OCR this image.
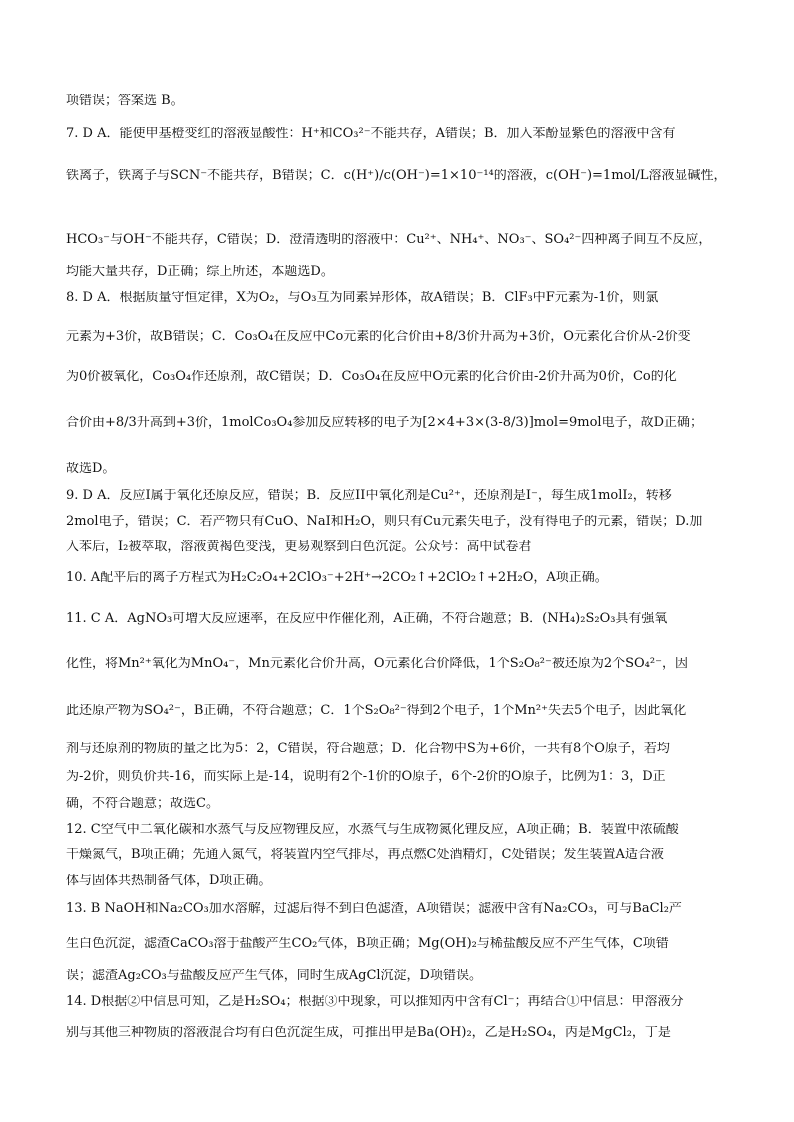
项错误；答案选 B。
7. D A．能使甲基橙变红的溶液显酸性：H⁺和CO₃²⁻不能共存，A错误；B．加入苯酚显紫色的溶液中含有
铁离子，铁离子与SCN⁻不能共存，B错误；C．c(H⁺)/c(OH⁻)=1×10⁻¹⁴的溶液，c(OH⁻)=1mol/L溶液显碱性，
HCO₃⁻与OH⁻不能共存，C错误；D．澄清透明的溶液中：Cu²⁺、NH₄⁺、NO₃⁻、SO₄²⁻四种离子间互不反应，
均能大量共存，D正确；综上所述，本题选D。
8. D A．根据质量守恒定律，X为O₂，与O₃互为同素异形体，故A错误；B．ClF₃中F元素为-1价，则氯
元素为+3价，故B错误；C．Co₃O₄在反应中Co元素的化合价由+8/3价升高为+3价，O元素化合价从-2价变
为0价被氧化，Co₃O₄作还原剂，故C错误；D．Co₃O₄在反应中O元素的化合价由-2价升高为0价，Co的化
合价由+8/3升高到+3价，1molCo₃O₄参加反应转移的电子为[2×4+3×(3-8/3)]mol=9mol电子，故D正确；
故选D。
9. D A．反应I属于氧化还原反应，错误；B．反应II中氧化剂是Cu²⁺，还原剂是I⁻，每生成1molI₂，转移
2mol电子，错误；C．若产物只有CuO、NaI和H₂O，则只有Cu元素失电子，没有得电子的元素，错误；D.加
入苯后，I₂被萃取，溶液黄褐色变浅，更易观察到白色沉淀。公众号：高中试卷君
10. A配平后的离子方程式为H₂C₂O₄+2ClO₃⁻+2H⁺→2CO₂↑+2ClO₂↑+2H₂O，A项正确。
11. C A．AgNO₃可增大反应速率，在反应中作催化剂，A正确，不符合题意；B．(NH₄)₂S₂O₃具有强氧
化性，将Mn²⁺氧化为MnO₄⁻，Mn元素化合价升高，O元素化合价降低，1个S₂O₈²⁻被还原为2个SO₄²⁻，因
此还原产物为SO₄²⁻，B正确，不符合题意；C．1个S₂O₈²⁻得到2个电子，1个Mn²⁺失去5个电子，因此氧化
剂与还原剂的物质的量之比为5：2，C错误，符合题意；D．化合物中S为+6价，一共有8个O原子，若均
为-2价，则负价共-16，而实际上是-14，说明有2个-1价的O原子，6个-2价的O原子，比例为1：3，D正
确，不符合题意；故选C。
12. C空气中二氧化碳和水蒸气与反应物锂反应，水蒸气与生成物氮化锂反应，A项正确；B．装置中浓硫酸
干燥氮气，B项正确；先通入氮气，将装置内空气排尽，再点燃C处酒精灯，C处错误；发生装置A适合液
体与固体共热制备气体，D项正确。
13. B NaOH和Na₂CO₃加水溶解，过滤后得不到白色滤渣，A项错误；滤液中含有Na₂CO₃，可与BaCl₂产
生白色沉淀，滤渣CaCO₃溶于盐酸产生CO₂气体，B项正确；Mg(OH)₂与稀盐酸反应不产生气体，C项错
误；滤渣Ag₂CO₃与盐酸反应产生气体，同时生成AgCl沉淀，D项错误。
14. D根据②中信息可知，乙是H₂SO₄；根据③中现象，可以推知丙中含有Cl⁻；再结合①中信息：甲溶液分
别与其他三种物质的溶液混合均有白色沉淀生成，可推出甲是Ba(OH)₂，乙是H₂SO₄，丙是MgCl₂，丁是
